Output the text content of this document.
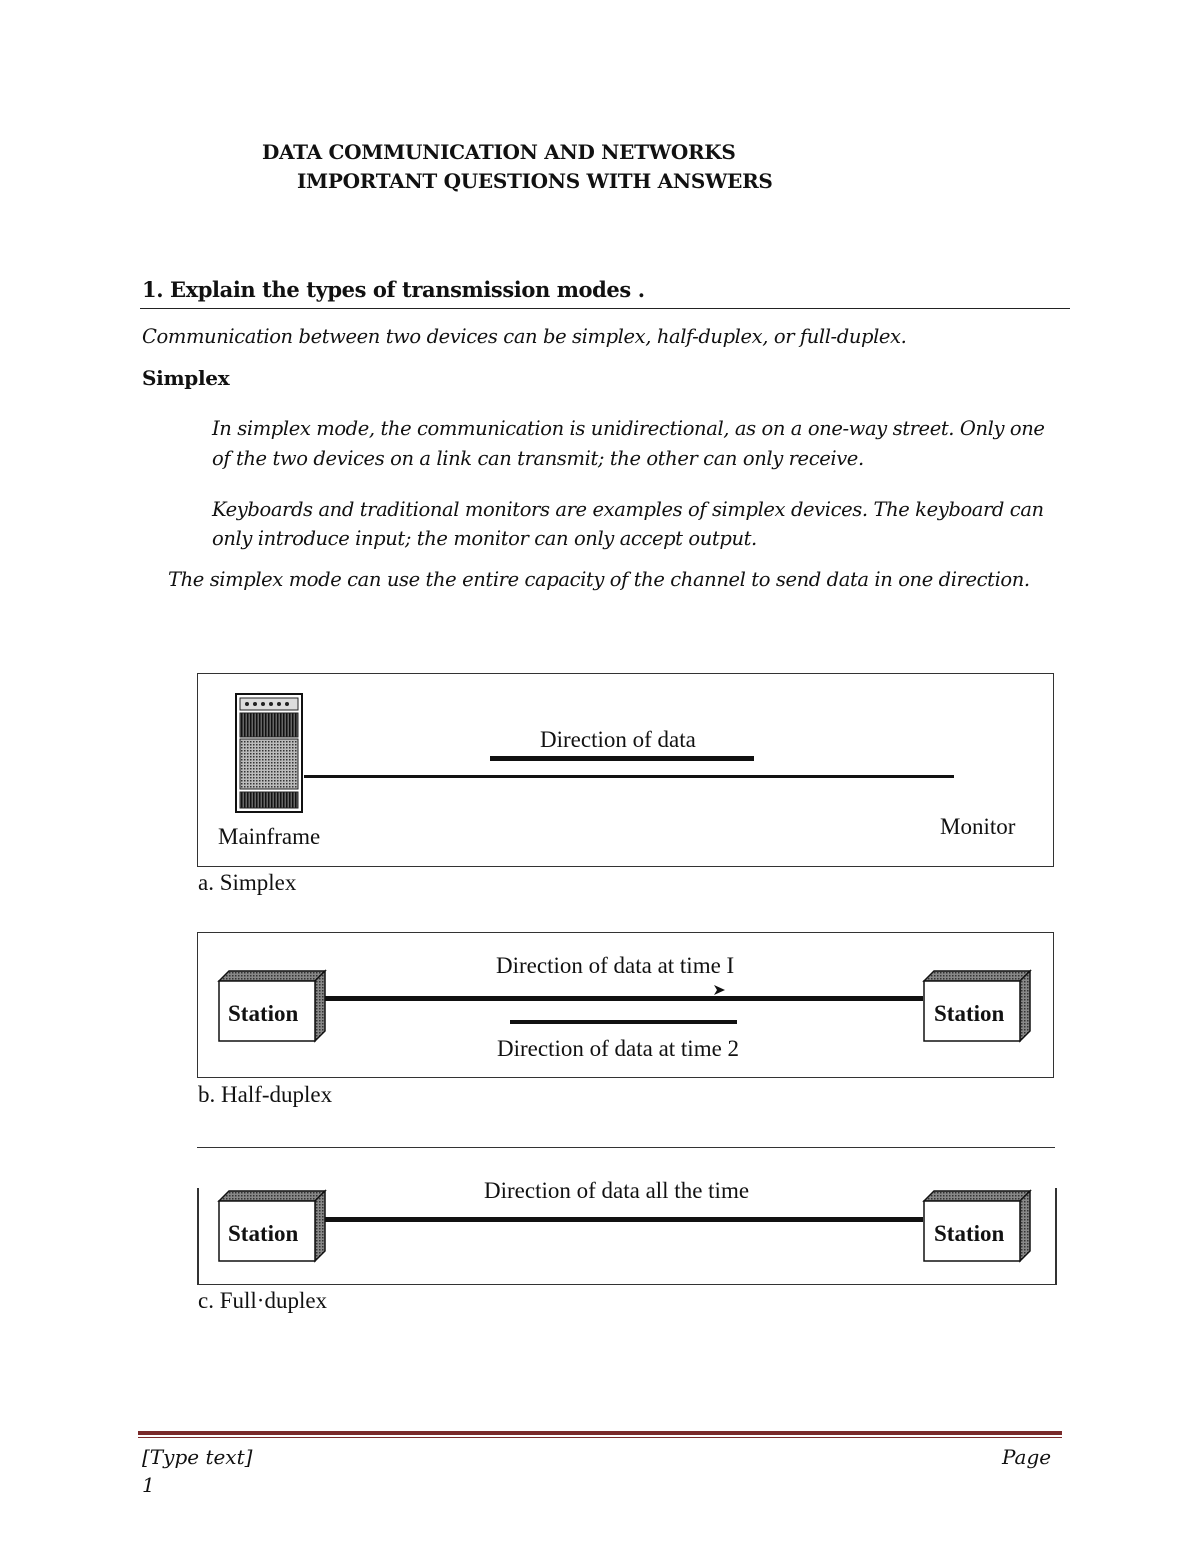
DATA COMMUNICATION AND NETWORKS
IMPORTANT QUESTIONS WITH ANSWERS
1. Explain the types of transmission modes .
Communication between two devices can be simplex, half-duplex, or full-duplex.
Simplex
In simplex mode, the communication is unidirectional, as on a one-way street. Only one
of the two devices on a link can transmit; the other can only receive.
Keyboards and traditional monitors are examples of simplex devices. The keyboard can
only introduce input; the monitor can only accept output.
The simplex mode can use the entire capacity of the channel to send data in one direction.
Direction of data
Mainframe	Monitor
a. Simplex
Station	Station
Direction of data at time I
Direction of data at time 2
b. Half-duplex
Station	Station
Direction of data all the time
c. Full·duplex
[Type text]	Page
1
